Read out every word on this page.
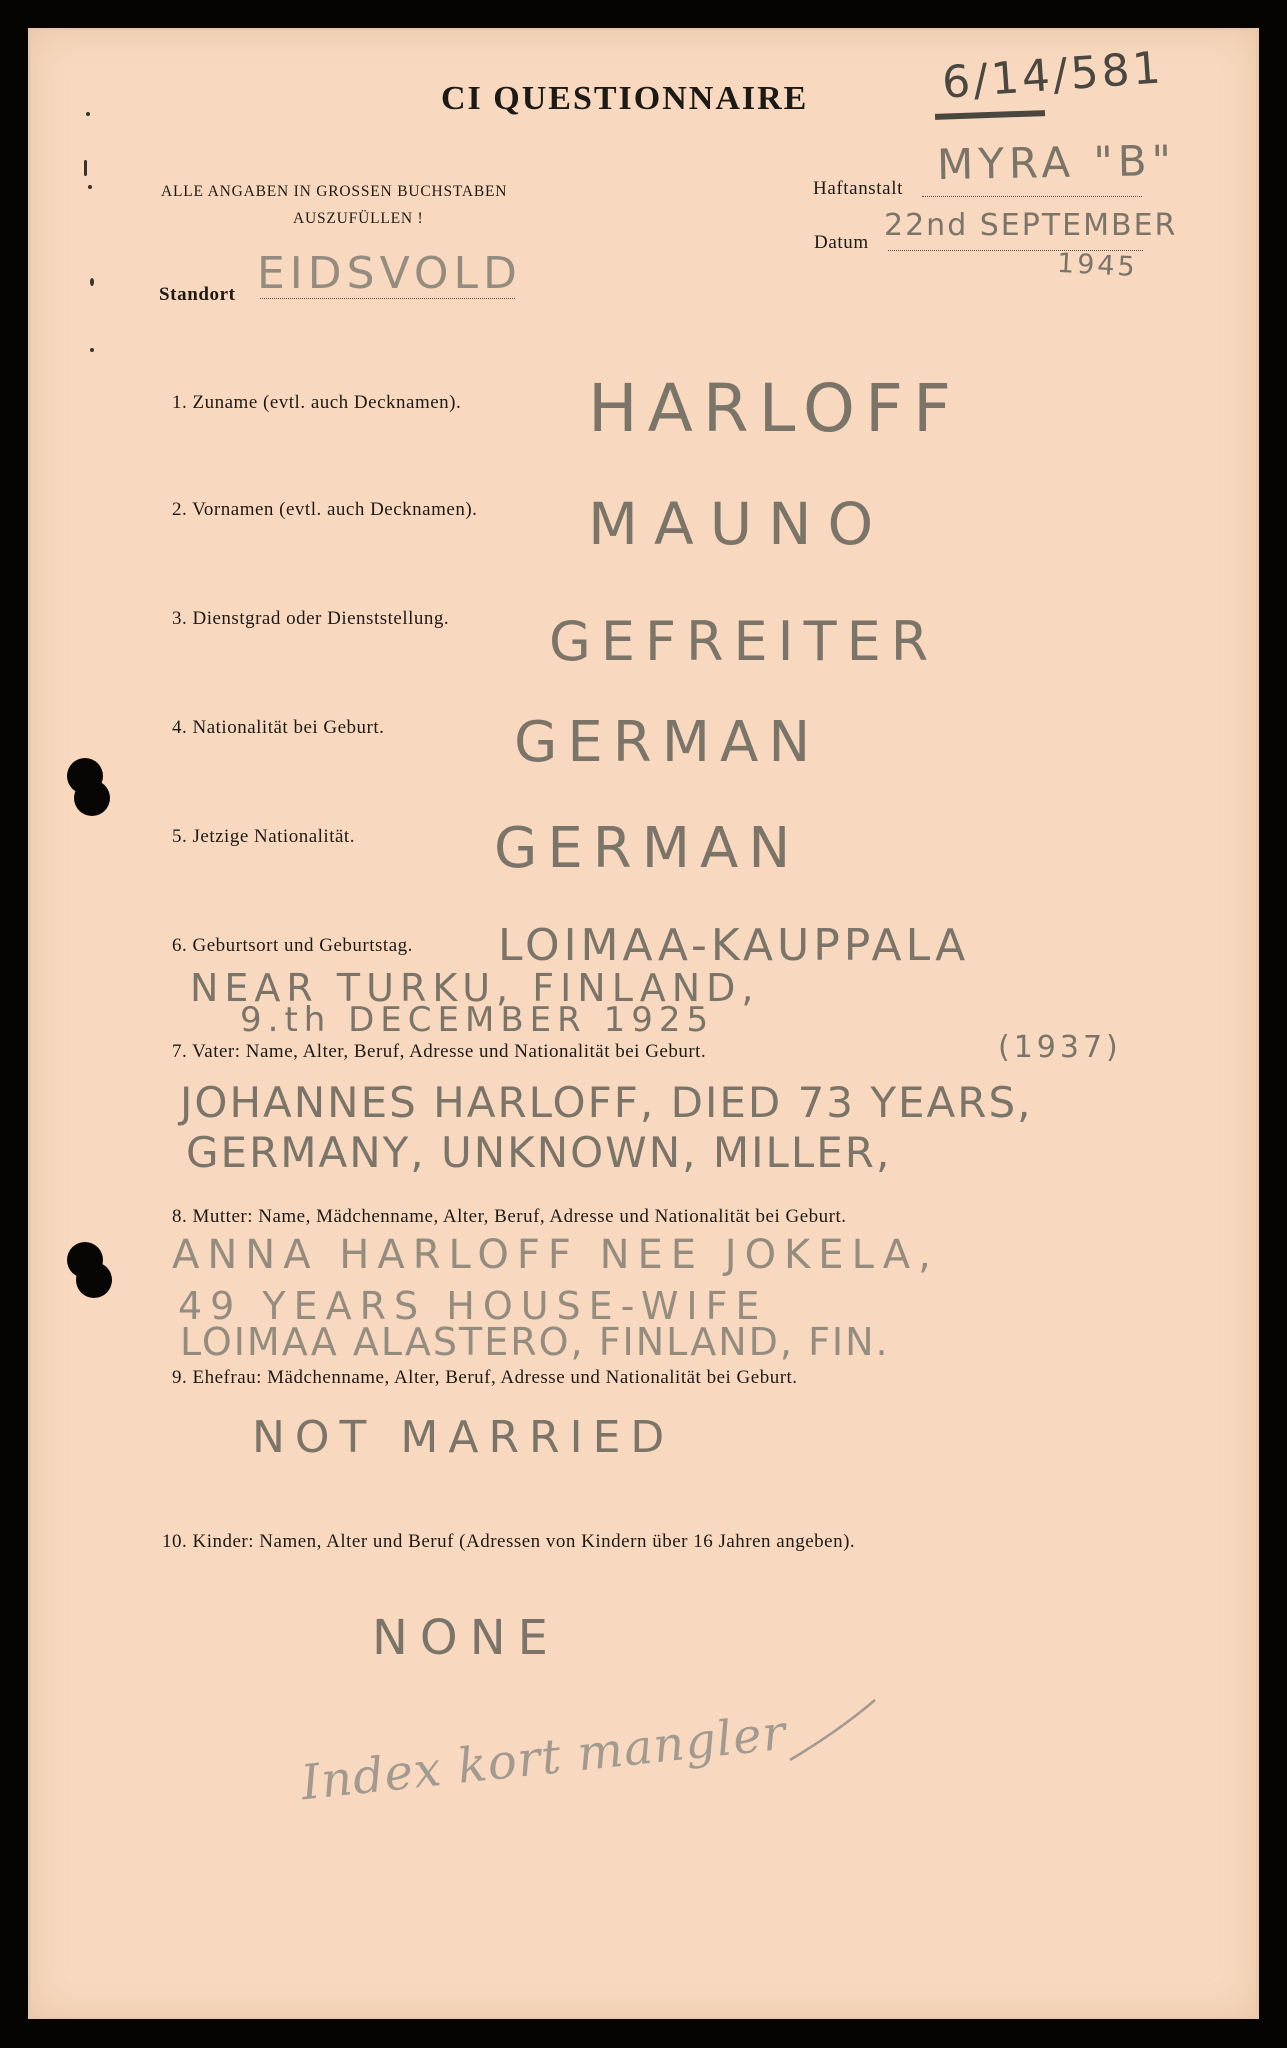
CI QUESTIONNAIRE	6/14/581
ALLE ANGABEN IN GROSSEN BUCHSTABEN
AUSZUFÜLLEN !
Haftanstalt MYRA "B"
Datum 22nd SEPTEMBER
1945
Standort EIDSVOLD
1. Zuname (evtl. auch Decknamen). HARLOFF
2. Vornamen (evtl. auch Decknamen). MAUNO
3. Dienstgrad oder Dienststellung. GEFREITER
4. Nationalität bei Geburt. GERMAN
5. Jetzige Nationalität. GERMAN
6. Geburtsort und Geburtstag. LOIMAA-KAUPPALA
NEAR TURKU, FINLAND,
9.th DECEMBER 1925
7. Vater: Name, Alter, Beruf, Adresse und Nationalität bei Geburt.	(1937)
JOHANNES HARLOFF, DIED 73 YEARS,
GERMANY, UNKNOWN, MILLER,
8. Mutter: Name, Mädchenname, Alter, Beruf, Adresse und Nationalität bei Geburt.
ANNA HARLOFF NEE JOKELA,
49 YEARS HOUSE-WIFE
LOIMAA ALASTERO, FINLAND, FIN.
9. Ehefrau: Mädchenname, Alter, Beruf, Adresse und Nationalität bei Geburt.
NOT MARRIED
10. Kinder: Namen, Alter und Beruf (Adressen von Kindern über 16 Jahren angeben).
NONE
Index kort mangler
